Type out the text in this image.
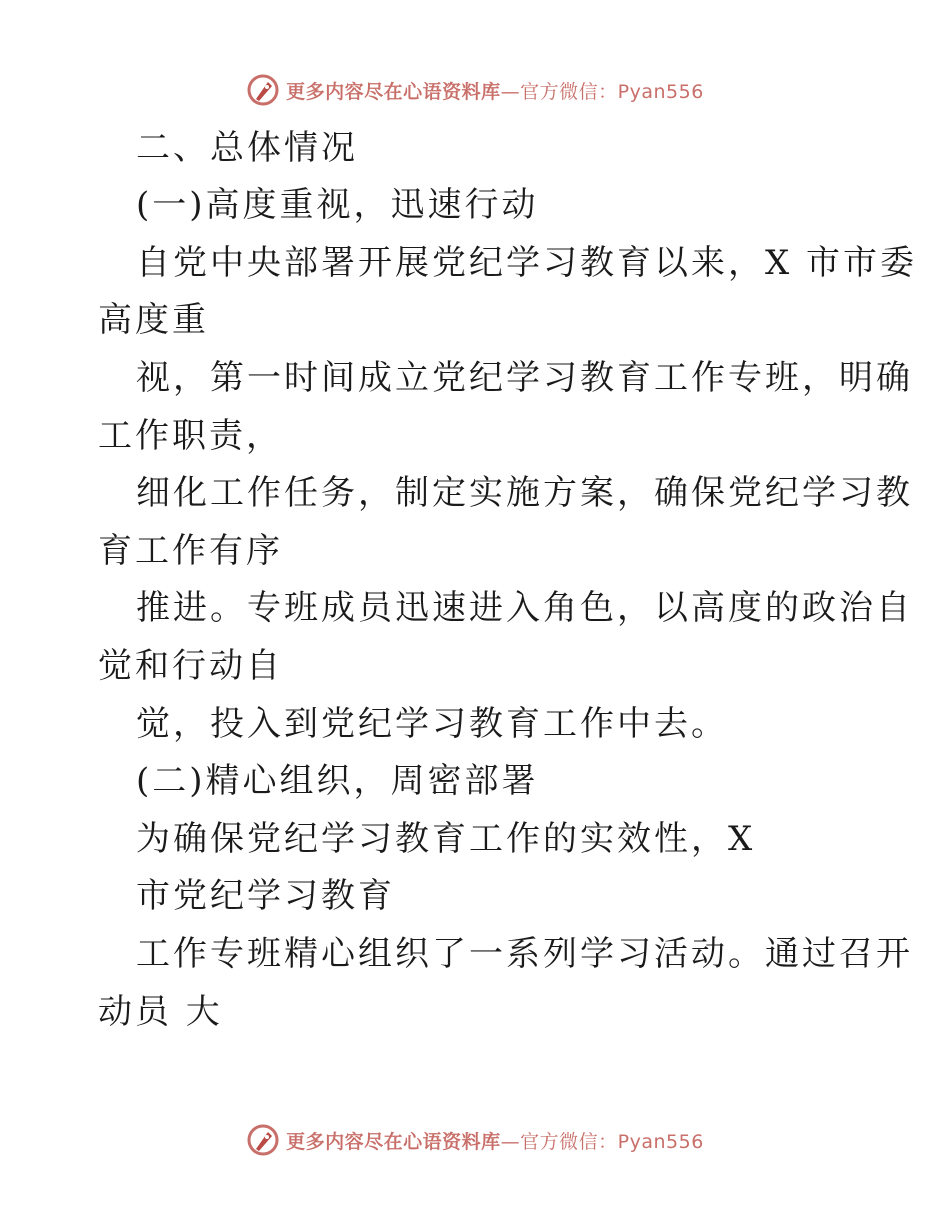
更多内容尽在心语资料库—官方微信：Pyan556
二、总体情况
(一)高度重视，迅速行动
自党中央部署开展党纪学习教育以来，X 市市委
高度重
视，第一时间成立党纪学习教育工作专班，明确
工作职责，
细化工作任务，制定实施方案，确保党纪学习教
育工作有序
推进。专班成员迅速进入角色，以高度的政治自
觉和行动自
觉，投入到党纪学习教育工作中去。
(二)精心组织，周密部署
为确保党纪学习教育工作的实效性，X
市党纪学习教育
工作专班精心组织了一系列学习活动。通过召开
动员 大
更多内容尽在心语资料库—官方微信：Pyan556
